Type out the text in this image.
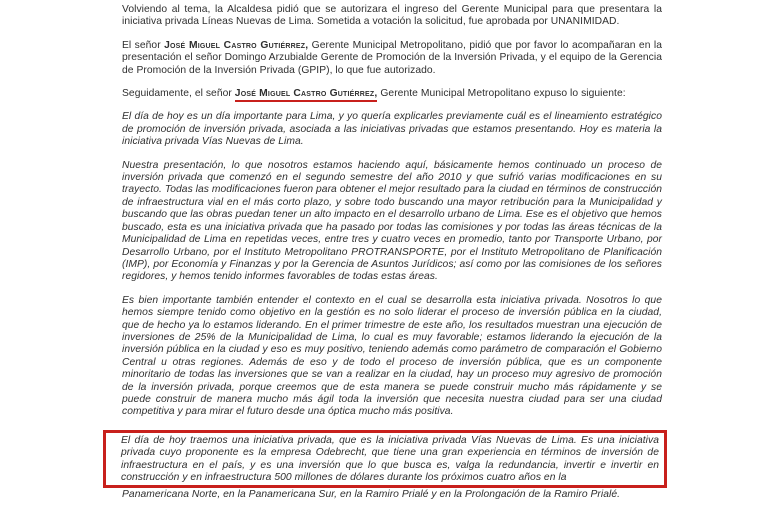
Volviendo al tema, la Alcaldesa pidió que se autorizara el ingreso del Gerente Municipal para que presentara la iniciativa privada Líneas Nuevas de Lima. Sometida a votación la solicitud, fue aprobada por UNANIMIDAD.

El señor José Miguel Castro Gutiérrez, Gerente Municipal Metropolitano, pidió que por favor lo acompañaran en la presentación el señor Domingo Arzubialde Gerente de Promoción de la Inversión Privada, y el equipo de la Gerencia de Promoción de la Inversión Privada (GPIP), lo que fue autorizado.

Seguidamente, el señor José Miguel Castro Gutiérrez, Gerente Municipal Metropolitano expuso lo siguiente:

El día de hoy es un día importante para Lima, y yo quería explicarles previamente cuál es el lineamiento estratégico de promoción de inversión privada, asociada a las iniciativas privadas que estamos presentando. Hoy es materia la iniciativa privada Vías Nuevas de Lima.

Nuestra presentación, lo que nosotros estamos haciendo aquí, básicamente hemos continuado un proceso de inversión privada que comenzó en el segundo semestre del año 2010 y que sufrió varias modificaciones en su trayecto. Todas las modificaciones fueron para obtener el mejor resultado para la ciudad en términos de construcción de infraestructura vial en el más corto plazo, y sobre todo buscando una mayor retribución para la Municipalidad y buscando que las obras puedan tener un alto impacto en el desarrollo urbano de Lima. Ese es el objetivo que hemos buscado, esta es una iniciativa privada que ha pasado por todas las comisiones y por todas las áreas técnicas de la Municipalidad de Lima en repetidas veces, entre tres y cuatro veces en promedio, tanto por Transporte Urbano, por Desarrollo Urbano, por el Instituto Metropolitano PROTRANSPORTE, por el Instituto Metropolitano de Planificación (IMP), por Economía y Finanzas y por la Gerencia de Asuntos Jurídicos; así como por las comisiones de los señores regidores, y hemos tenido informes favorables de todas estas áreas.

Es bien importante también entender el contexto en el cual se desarrolla esta iniciativa privada. Nosotros lo que hemos siempre tenido como objetivo en la gestión es no solo liderar el proceso de inversión pública en la ciudad, que de hecho ya lo estamos liderando. En el primer trimestre de este año, los resultados muestran una ejecución de inversiones de 25% de la Municipalidad de Lima, lo cual es muy favorable; estamos liderando la ejecución de la inversión pública en la ciudad y eso es muy positivo, teniendo además como parámetro de comparación el Gobierno Central u otras regiones. Además de eso y de todo el proceso de inversión pública, que es un componente minoritario de todas las inversiones que se van a realizar en la ciudad, hay un proceso muy agresivo de promoción de la inversión privada, porque creemos que de esta manera se puede construir mucho más rápidamente y se puede construir de manera mucho más ágil toda la inversión que necesita nuestra ciudad para ser una ciudad competitiva y para mirar el futuro desde una óptica mucho más positiva.

El día de hoy traemos una iniciativa privada, que es la iniciativa privada Vías Nuevas de Lima. Es una iniciativa privada cuyo proponente es la empresa Odebrecht, que tiene una gran experiencia en términos de inversión de infraestructura en el país, y es una inversión que lo que busca es, valga la redundancia, invertir e invertir en construcción y en infraestructura 500 millones de dólares durante los próximos cuatro años en la

Panamericana Norte, en la Panamericana Sur, en la Ramiro Prialé y en la Prolongación de la Ramiro Prialé.
